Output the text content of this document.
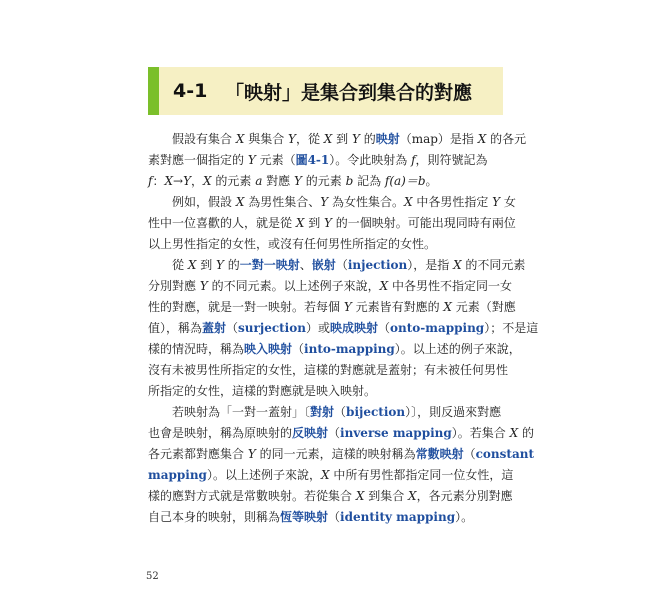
4-1 「映射」是集合到集合的對應
　　假設有集合 X 與集合 Y，從 X 到 Y 的映射（map）是指 X 的各元
素對應一個指定的 Y 元素（圖4-1）。令此映射為 f，則符號記為
f：X→Y，X 的元素 a 對應 Y 的元素 b 記為 f(a)＝b。
　　例如，假設 X 為男性集合、Y 為女性集合。X 中各男性指定 Y 女
性中一位喜歡的人，就是從 X 到 Y 的一個映射。可能出現同時有兩位
以上男性指定的女性，或沒有任何男性所指定的女性。
　　從 X 到 Y 的一對一映射、嵌射（injection），是指 X 的不同元素
分別對應 Y 的不同元素。以上述例子來說，X 中各男性不指定同一女
性的對應，就是一對一映射。若每個 Y 元素皆有對應的 X 元素（對應
值），稱為蓋射（surjection）或映成映射（onto-mapping）；不是這
樣的情況時，稱為映入映射（into-mapping）。以上述的例子來說，
沒有未被男性所指定的女性，這樣的對應就是蓋射；有未被任何男性
所指定的女性，這樣的對應就是映入映射。
　　若映射為「一對一蓋射」〔對射（bijection）〕，則反過來對應
也會是映射，稱為原映射的反映射（inverse mapping）。若集合 X 的
各元素都對應集合 Y 的同一元素，這樣的映射稱為常數映射（constant
mapping）。以上述例子來說，X 中所有男性都指定同一位女性，這
樣的應對方式就是常數映射。若從集合 X 到集合 X，各元素分別對應
自己本身的映射，則稱為恆等映射（identity mapping）。
52
